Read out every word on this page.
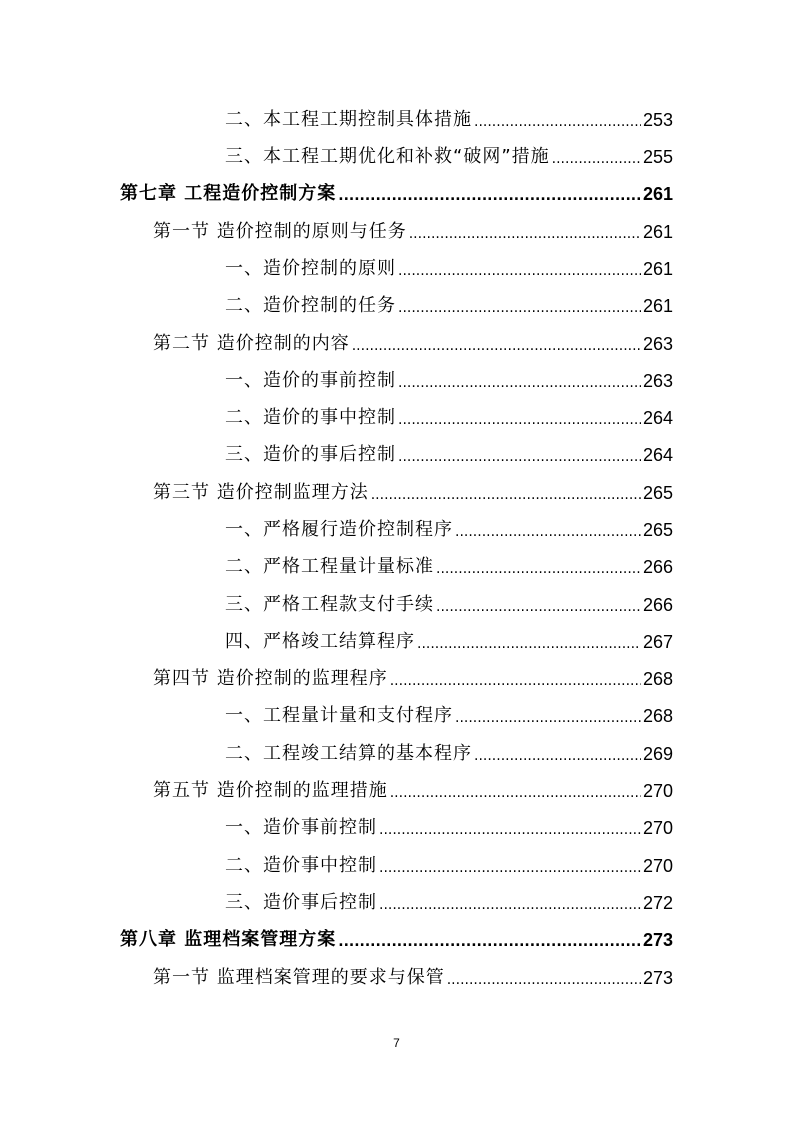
二、本工程工期控制具体措施 .....	253
三、本工程工期优化和补救“破网”措施 .....	255
第七章 工程造价控制方案 .....	261
第一节 造价控制的原则与任务 .....	261
一、造价控制的原则 .....	261
二、造价控制的任务 .....	261
第二节 造价控制的内容 .....	263
一、造价的事前控制 .....	263
二、造价的事中控制 .....	264
三、造价的事后控制 .....	264
第三节 造价控制监理方法 .....	265
一、严格履行造价控制程序 .....	265
二、严格工程量计量标准 .....	266
三、严格工程款支付手续 .....	266
四、严格竣工结算程序 .....	267
第四节 造价控制的监理程序 .....	268
一、工程量计量和支付程序 .....	268
二、工程竣工结算的基本程序 .....	269
第五节 造价控制的监理措施 .....	270
一、造价事前控制 .....	270
二、造价事中控制 .....	270
三、造价事后控制 .....	272
第八章 监理档案管理方案 .....	273
第一节 监理档案管理的要求与保管 .....	273
7
